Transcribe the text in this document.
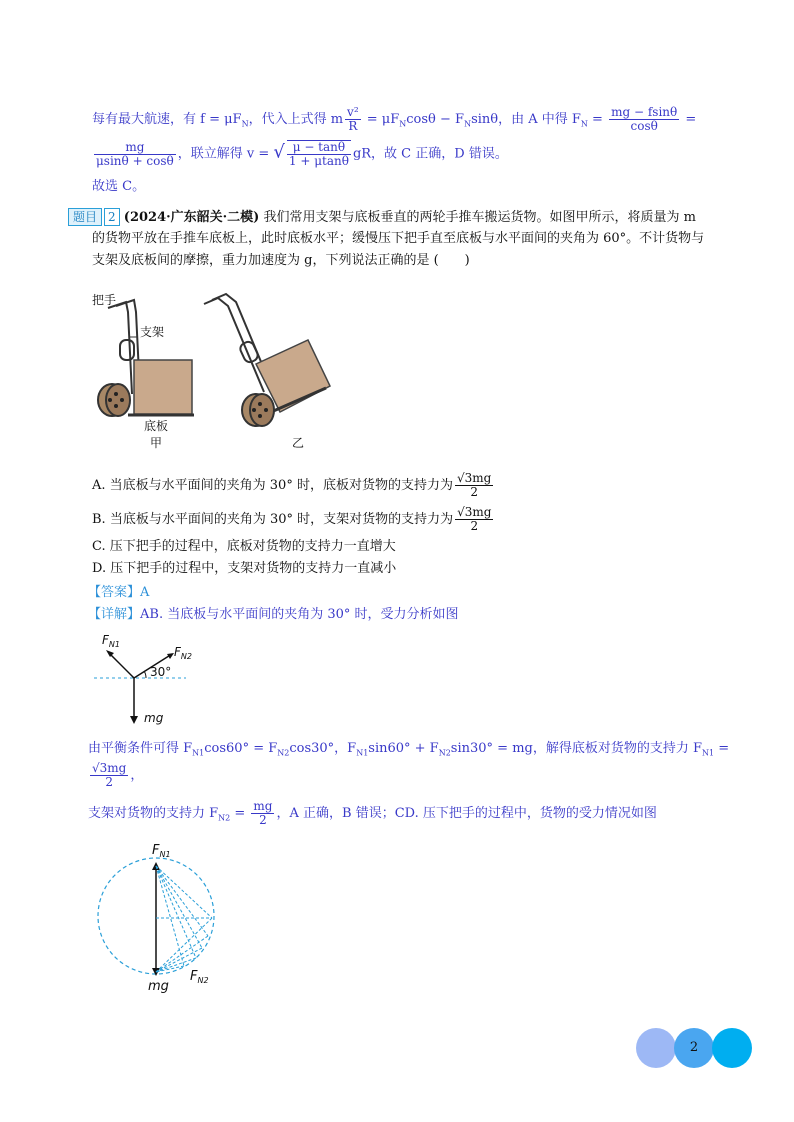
每有最大航速，有 $f = \mu F_N$，代入上式得 m $\frac{\text{v²}}{R} = \mu F_N\cos\theta - F_N\sin\theta$，由 A 中得 $F_N = \frac{mg - fsin\theta}{\cos\theta}$ =
$\frac{mg}{\mu\sin\theta + \cos\theta}$ ，联立解得 v = √ $\frac{\mu - \tan\theta}{1 + \mu\tan\theta}$ gR，故 C 正确，D 错误。
故选 C。
题目 2 (2024·广东韶关·二模) 我们常用支架与底板垂直的两轮手推车搬运货物。如图甲所示，将质量为 m
的货物平放在手推车底板上，此时底板水平；缓慢压下把手直至底板与水平面间的夹角为 60°。不计货物与
支架及底板间的摩擦，重力加速度为 g，下列说法正确的是 (　　)
把手
支架
底板
甲	乙
A. 当底板与水平面间的夹角为 30° 时，底板对货物的支持力为 $\frac{√3mg}{2}$
B. 当底板与水平面间的夹角为 30° 时，支架对货物的支持力为 $\frac{√3mg}{2}$
C. 压下把手的过程中，底板对货物的支持力一直增大
D. 压下把手的过程中，支架对货物的支持力一直减小
【答案】A
【详解】AB. 当底板与水平面间的夹角为 30° 时，受力分析如图
$F_{N1}$
$F_{N2}$
30°
mg
由平衡条件可得 $F_{N1}\cos 60^\circ = F_{N2}\cos 30^\circ$，$F_{N1}\sin 60^\circ + F_{N2}\sin 30^\circ$ = mg，解得底板对货物的支持力 $F_{N1}$ =
$\frac{√3mg}{2}$ ，
支架对货物的支持力 $F_{N2} = \frac{mg}{2}$ ，A 正确，B 错误；CD. 压下把手的过程中，货物的受力情况如图
$F_{N1}$
$F_{N2}$
mg
2
